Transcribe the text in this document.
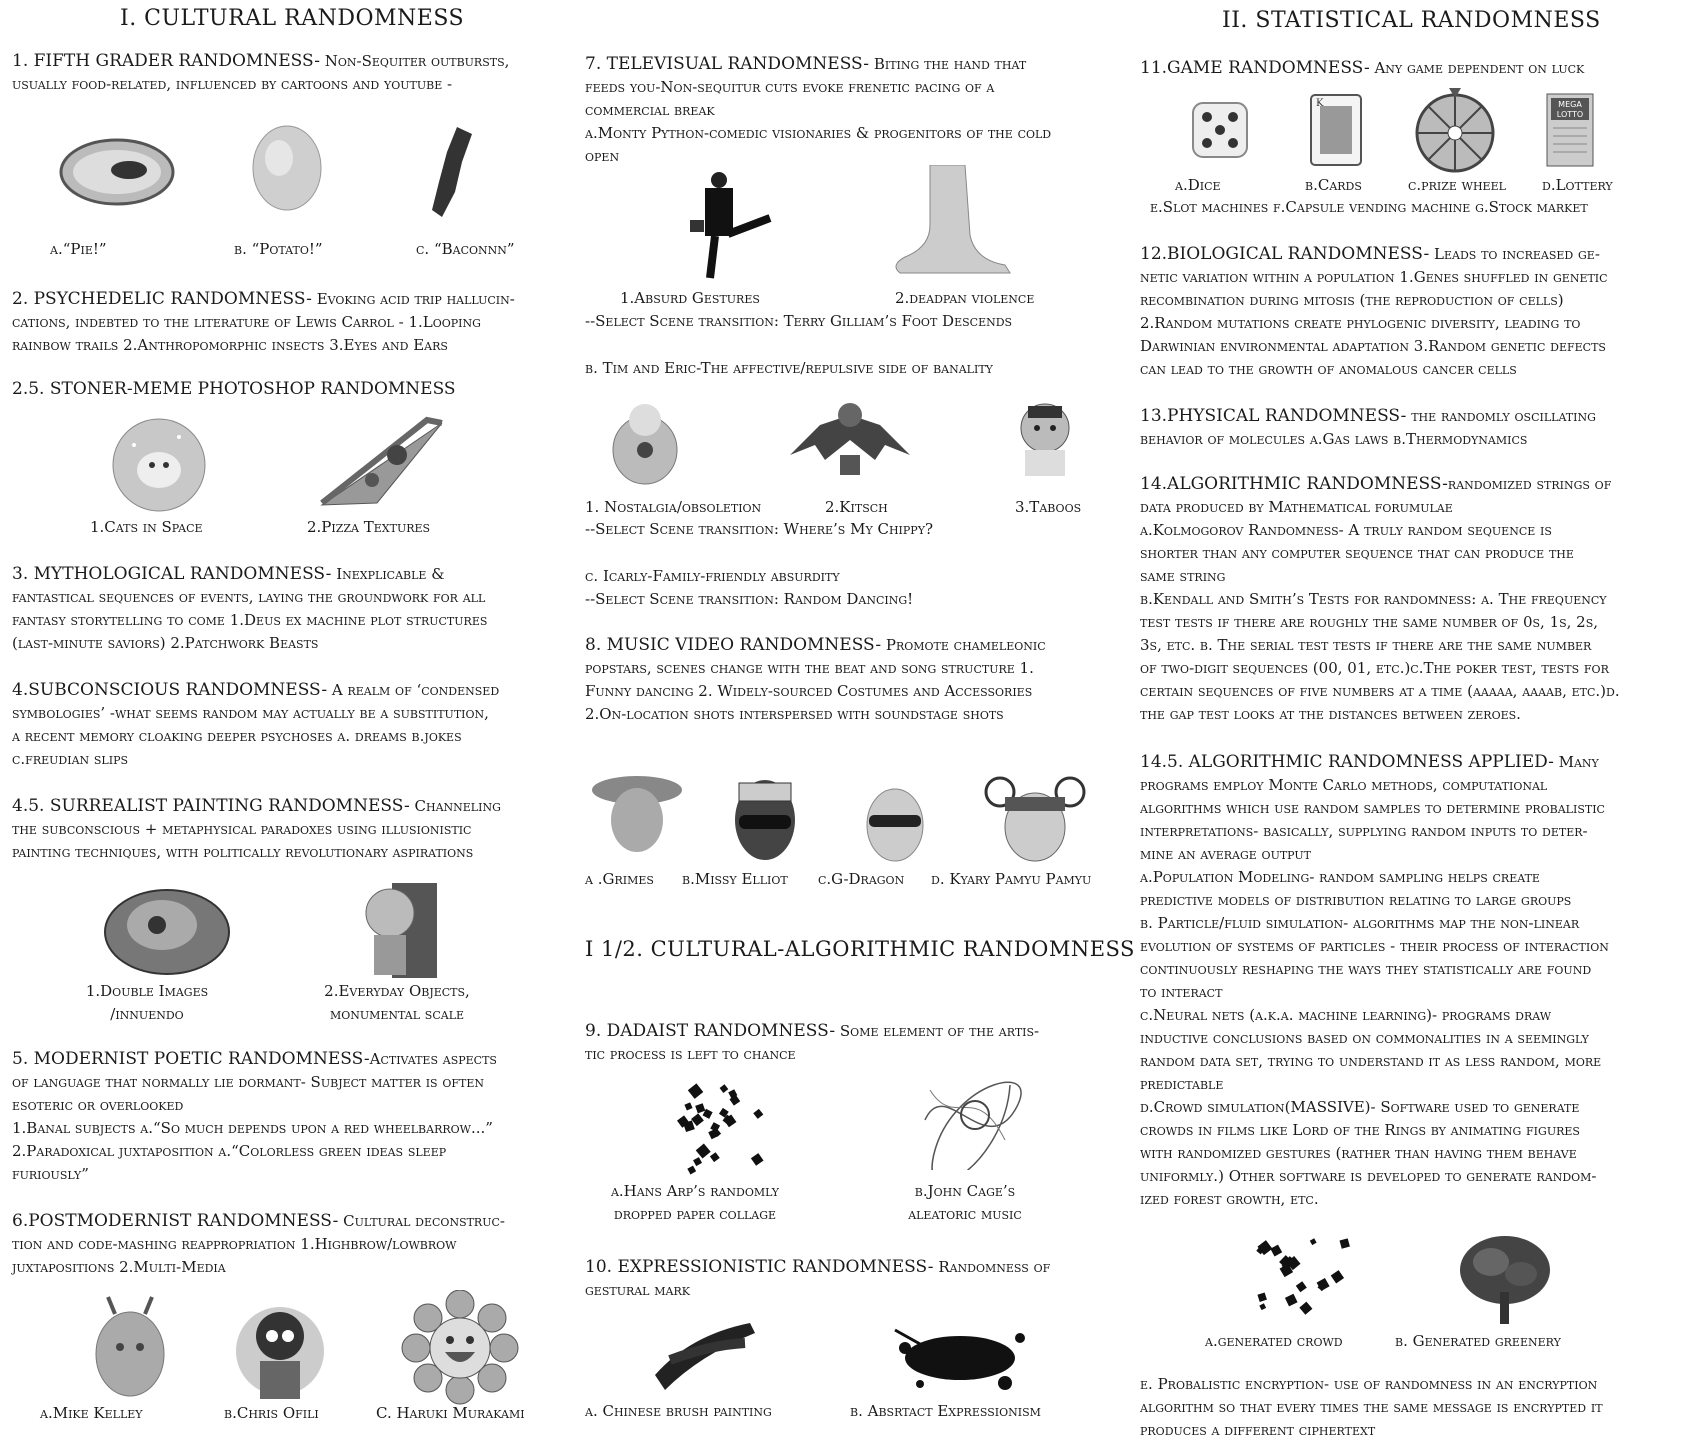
I. CULTURAL RANDOMNESS
1. FIFTH GRADER RANDOMNESS- Non-Sequiter outbursts,
usually food-related, influenced by cartoons and youtube -
a.“Pie!”	b. “Potato!”	c. “Baconnn”
2. PSYCHEDELIC RANDOMNESS- Evoking acid trip hallucin-
cations, indebted to the literature of Lewis Carrol - 1.Looping
rainbow trails 2.Anthropomorphic insects 3.Eyes and Ears
2.5. STONER-MEME PHOTOSHOP RANDOMNESS
1.Cats in Space	2.Pizza Textures
3. MYTHOLOGICAL RANDOMNESS- Inexplicable &
fantastical sequences of events, laying the groundwork for all
fantasy storytelling to come 1.Deus ex machine plot structures
(last-minute saviors) 2.Patchwork Beasts
4.SUBCONSCIOUS RANDOMNESS- A realm of ‘condensed
symbologies’ -what seems random may actually be a substitution,
a recent memory cloaking deeper psychoses a. dreams b.jokes
c.freudian slips
4.5. SURREALIST PAINTING RANDOMNESS- Channeling
the subconscious + metaphysical paradoxes using illusionistic
painting techniques, with politically revolutionary aspirations
1.Double Images
/innuendo
2.Everyday Objects,
monumental scale
5. MODERNIST POETIC RANDOMNESS-Activates aspects
of language that normally lie dormant- Subject matter is often
esoteric or overlooked
1.Banal subjects a.“So much depends upon a red wheelbarrow...”
2.Paradoxical juxtaposition a.“Colorless green ideas sleep
furiously”
6.POSTMODERNIST RANDOMNESS- Cultural deconstruc-
tion and code-mashing reappropriation 1.Highbrow/lowbrow
juxtapositions 2.Multi-Media
a.Mike Kelley	b.Chris Ofili	C. Haruki Murakami
7. TELEVISUAL RANDOMNESS- Biting the hand that
feeds you-Non-sequitur cuts evoke frenetic pacing of a
commercial break
a.Monty Python-comedic visionaries & progenitors of the cold
open
1.Absurd Gestures	2.deadpan violence
--Select Scene transition: Terry Gilliam’s Foot Descends
b. Tim and Eric-The affective/repulsive side of banality
1. Nostalgia/obsoletion	2.Kitsch	3.Taboos
--Select Scene transition: Where’s My Chippy?
c. Icarly-Family-friendly absurdity
--Select Scene transition: Random Dancing!
8. MUSIC VIDEO RANDOMNESS- Promote chameleonic
popstars, scenes change with the beat and song structure 1.
Funny dancing 2. Widely-sourced Costumes and Accessories
2.On-location shots interspersed with soundstage shots
a .Grimes b.Missy Elliot c.G-Dragon d. Kyary Pamyu Pamyu
I 1/2. CULTURAL-ALGORITHMIC RANDOMNESS
9. DADAIST RANDOMNESS- Some element of the artis-
tic process is left to chance
a.Hans Arp’s randomly
dropped paper collage
b.John Cage’s
aleatoric music
10. EXPRESSIONISTIC RANDOMNESS- Randomness of
gestural mark
a. Chinese brush painting	b. Absrtact Expressionism
II. STATISTICAL RANDOMNESS
11.GAME RANDOMNESS- Any game dependent on luck
K	MEGA
LOTTO
a.Dice	b.Cards	c.prize wheel d.Lottery
e.Slot machines f.Capsule vending machine g.Stock market
12.BIOLOGICAL RANDOMNESS- Leads to increased ge-
netic variation within a population 1.Genes shuffled in genetic
recombination during mitosis (the reproduction of cells)
2.Random mutations create phylogenic diversity, leading to
Darwinian environmental adaptation 3.Random genetic defects
can lead to the growth of anomalous cancer cells
13.PHYSICAL RANDOMNESS- the randomly oscillating
behavior of molecules a.Gas laws b.Thermodynamics
14.ALGORITHMIC RANDOMNESS-randomized strings of
data produced by Mathematical forumulae
a.Kolmogorov Randomness- A truly random sequence is
shorter than any computer sequence that can produce the
same string
b.Kendall and Smith’s Tests for randomness: a. The frequency
test tests if there are roughly the same number of 0s, 1s, 2s,
3s, etc. b. The serial test tests if there are the same number
of two-digit sequences (00, 01, etc.)c.The poker test, tests for
certain sequences of five numbers at a time (aaaaa, aaaab, etc.)d.
the gap test looks at the distances between zeroes.
14.5. ALGORITHMIC RANDOMNESS APPLIED- Many
programs employ Monte Carlo methods, computational
algorithms which use random samples to determine probalistic
interpretations- basically, supplying random inputs to deter-
mine an average output
a.Population Modeling- random sampling helps create
predictive models of distribution relating to large groups
b. Particle/fluid simulation- algorithms map the non-linear
evolution of systems of particles - their process of interaction
continuously reshaping the ways they statistically are found
to interact
c.Neural nets (a.k.a. machine learning)- programs draw
inductive conclusions based on commonalities in a seemingly
random data set, trying to understand it as less random, more
predictable
d.Crowd simulation(MASSIVE)- Software used to generate
crowds in films like Lord of the Rings by animating figures
with randomized gestures (rather than having them behave
uniformly.) Other software is developed to generate random-
ized forest growth, etc.
a.generated crowd	b. Generated greenery
e. Probalistic encryption- use of randomness in an encryption
algorithm so that every times the same message is encrypted it
produces a different ciphertext
